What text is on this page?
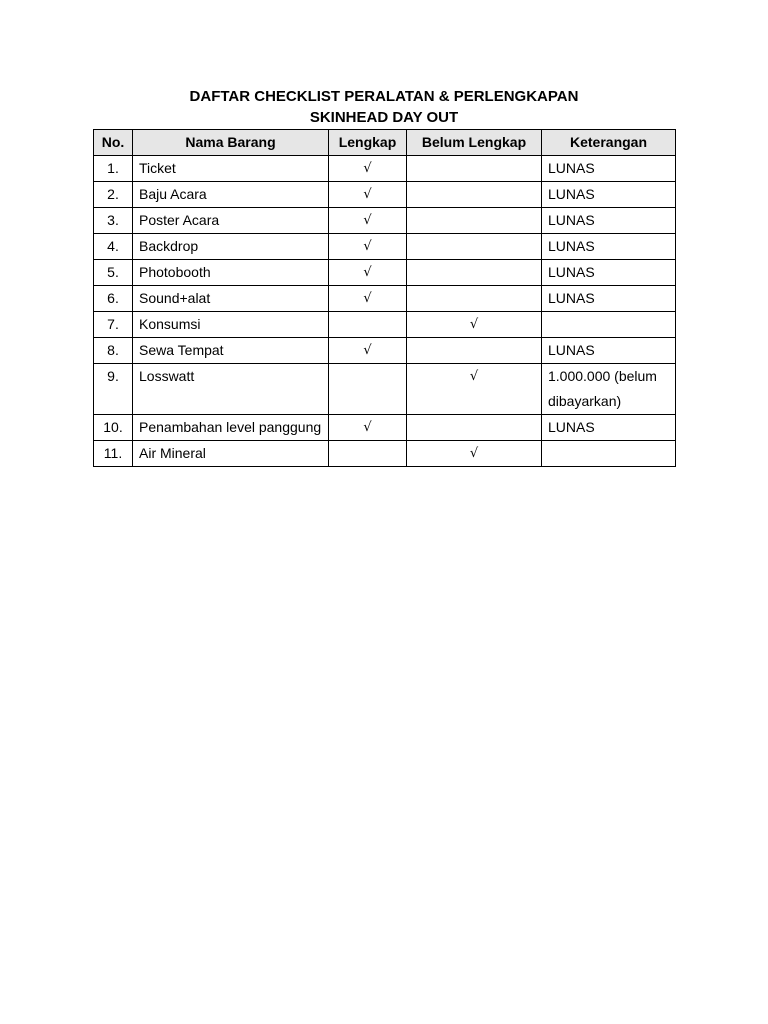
DAFTAR CHECKLIST PERALATAN & PERLENGKAPAN
SKINHEAD DAY OUT
No.	Nama Barang	Lengkap	Belum Lengkap	Keterangan
1.	Ticket	√		LUNAS
2.	Baju Acara	√		LUNAS
3.	Poster Acara	√		LUNAS
4.	Backdrop	√		LUNAS
5.	Photobooth	√		LUNAS
6.	Sound+alat	√		LUNAS
7.	Konsumsi		√	
8.	Sewa Tempat	√		LUNAS
9.	Losswatt		√	1.000.000 (belum dibayarkan)
10.	Penambahan level panggung	√		LUNAS
11.	Air Mineral		√	
